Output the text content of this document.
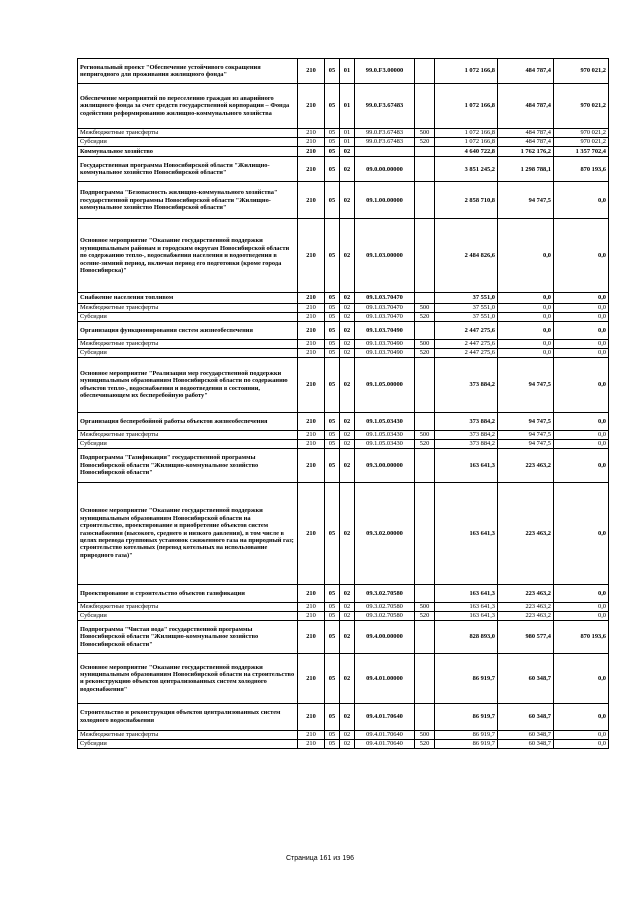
Региональный проект "Обеспечение устойчивого сокращения непригодного для проживания жилищного фонда"	210	05	01	99.0.F3.00000		1 072 166,8	484 787,4	970 021,2
Обеспечение мероприятий по переселению граждан из аварийного жилищного фонда за счет средств государственной корпорации – Фонда содействия реформированию жилищно-коммунального хозяйства	210	05	01	99.0.F3.67483		1 072 166,8	484 787,4	970 021,2
Межбюджетные трансферты	210	05	01	99.0.F3.67483	500	1 072 166,8	484 787,4	970 021,2
Субсидии	210	05	01	99.0.F3.67483	520	1 072 166,8	484 787,4	970 021,2
Коммунальное хозяйство	210	05	02			4 640 722,8	1 762 176,2	1 357 702,4
Государственная программа Новосибирской области "Жилищно-коммунальное хозяйство Новосибирской области"	210	05	02	09.0.00.00000		3 851 245,2	1 298 788,1	870 193,6
Подпрограмма "Безопасность жилищно-коммунального хозяйства" государственной программы Новосибирской области "Жилищно-коммунальное хозяйство Новосибирской области"	210	05	02	09.1.00.00000		2 858 710,8	94 747,5	0,0
Основное мероприятие "Оказание государственной поддержки муниципальным районам и городским округам Новосибирской области по содержанию тепло-, водоснабжения населения и водоотведения в осенне-зимний период, включая период его подготовки (кроме города Новосибирска)"	210	05	02	09.1.03.00000		2 484 826,6	0,0	0,0
Снабжение населения топливом	210	05	02	09.1.03.70470		37 551,0	0,0	0,0
Межбюджетные трансферты	210	05	02	09.1.03.70470	500	37 551,0	0,0	0,0
Субсидии	210	05	02	09.1.03.70470	520	37 551,0	0,0	0,0
Организация функционирования систем жизнеобеспечения	210	05	02	09.1.03.70490		2 447 275,6	0,0	0,0
Межбюджетные трансферты	210	05	02	09.1.03.70490	500	2 447 275,6	0,0	0,0
Субсидии	210	05	02	09.1.03.70490	520	2 447 275,6	0,0	0,0
Основное мероприятие "Реализация мер государственной поддержки муниципальным образованиям Новосибирской области по содержанию объектов тепло-, водоснабжения и водоотведения в состоянии, обеспечивающем их бесперебойную работу"	210	05	02	09.1.05.00000		373 884,2	94 747,5	0,0
Организация бесперебойной работы объектов жизнеобеспечения	210	05	02	09.1.05.03430		373 884,2	94 747,5	0,0
Межбюджетные трансферты	210	05	02	09.1.05.03430	500	373 884,2	94 747,5	0,0
Субсидии	210	05	02	09.1.05.03430	520	373 884,2	94 747,5	0,0
Подпрограмма "Газификация" государственной программы Новосибирской области "Жилищно-коммунальное хозяйство Новосибирской области"	210	05	02	09.3.00.00000		163 641,3	223 463,2	0,0
Основное мероприятие "Оказание государственной поддержки муниципальным образованиям Новосибирской области на строительство, проектирование и приобретение объектов систем газоснабжения (высокого, среднего и низкого давления), в том числе в целях перевода групповых установок сжиженного газа на природный газ; строительство котельных (перевод котельных на использование природного газа)"	210	05	02	09.3.02.00000		163 641,3	223 463,2	0,0
Проектирование и строительство объектов газификации	210	05	02	09.3.02.70580		163 641,3	223 463,2	0,0
Межбюджетные трансферты	210	05	02	09.3.02.70580	500	163 641,3	223 463,2	0,0
Субсидии	210	05	02	09.3.02.70580	520	163 641,3	223 463,2	0,0
Подпрограмма "Чистая вода" государственной программы Новосибирской области "Жилищно-коммунальное хозяйство Новосибирской области"	210	05	02	09.4.00.00000		828 893,0	980 577,4	870 193,6
Основное мероприятие "Оказание государственной поддержки муниципальным образованиям Новосибирской области на строительство и реконструкцию объектов централизованных систем холодного водоснабжения"	210	05	02	09.4.01.00000		86 919,7	60 348,7	0,0
Строительство и реконструкция объектов централизованных систем холодного водоснабжения	210	05	02	09.4.01.70640		86 919,7	60 348,7	0,0
Межбюджетные трансферты	210	05	02	09.4.01.70640	500	86 919,7	60 348,7	0,0
Субсидии	210	05	02	09.4.01.70640	520	86 919,7	60 348,7	0,0
Страница 161 из 196
